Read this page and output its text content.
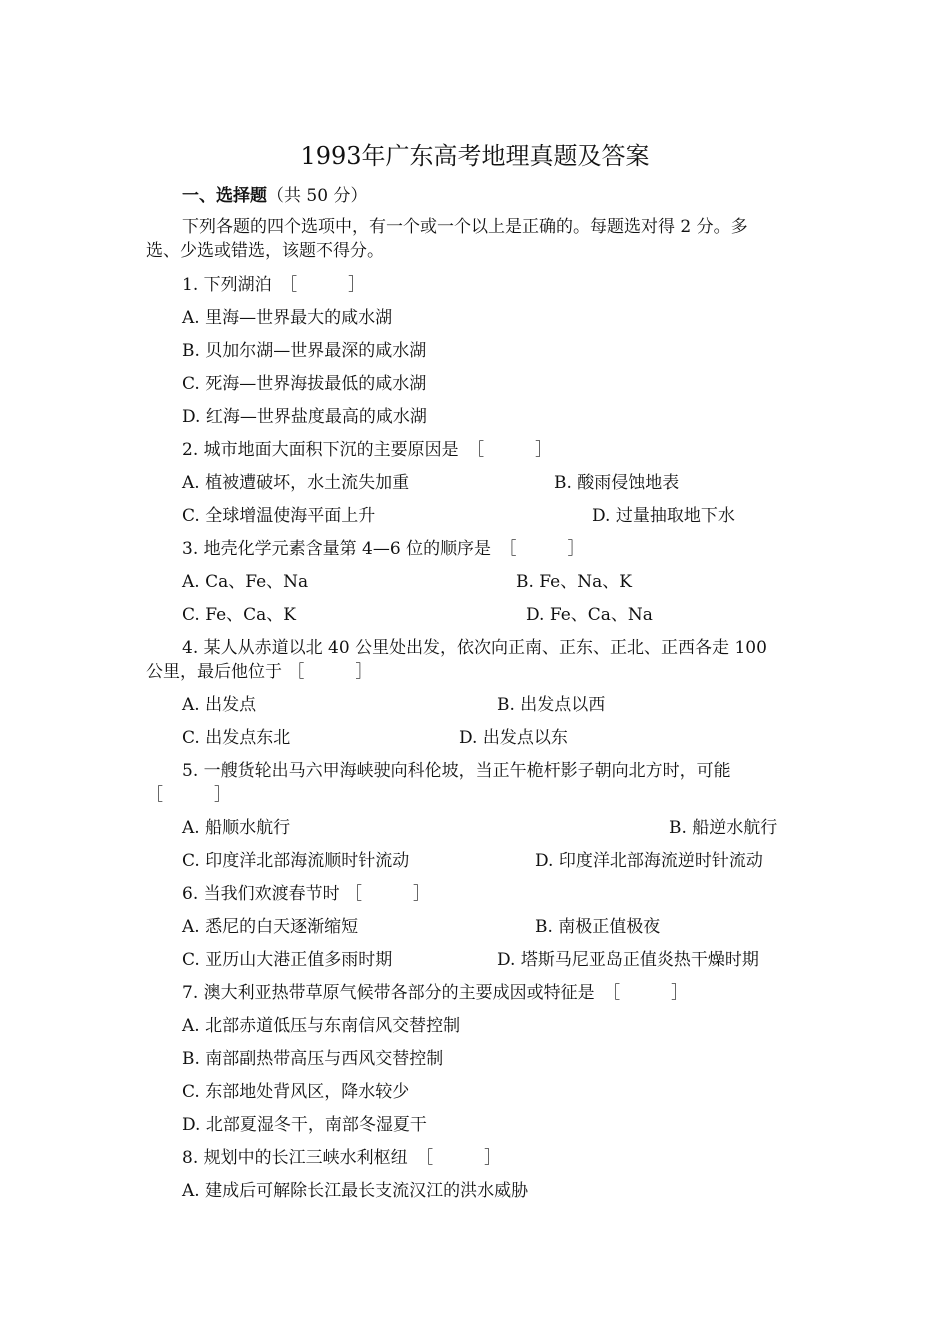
1993年广东高考地理真题及答案
一、选择题（共 50 分）
下列各题的四个选项中，有一个或一个以上是正确的。每题选对得 2 分。多
选、少选或错选，该题不得分。
1. 下列湖泊　［　　　］
A. 里海—世界最大的咸水湖
B. 贝加尔湖—世界最深的咸水湖
C. 死海—世界海拔最低的咸水湖
D. 红海—世界盐度最高的咸水湖
2. 城市地面大面积下沉的主要原因是　［　　　］
A. 植被遭破坏，水土流失加重	B. 酸雨侵蚀地表
C. 全球增温使海平面上升	D. 过量抽取地下水
3. 地壳化学元素含量第 4—6 位的顺序是　［　　　］
A. Ca、Fe、Na	B. Fe、Na、K
C. Fe、Ca、K	D. Fe、Ca、Na
4. 某人从赤道以北 40 公里处出发，依次向正南、正东、正北、正西各走 100
公里，最后他位于 ［　　　］
A. 出发点	B. 出发点以西
C. 出发点东北	D. 出发点以东
5. 一艘货轮出马六甲海峡驶向科伦坡，当正午桅杆影子朝向北方时，可能
［　　　］
A. 船顺水航行	B. 船逆水航行
C. 印度洋北部海流顺时针流动	D. 印度洋北部海流逆时针流动
6. 当我们欢渡春节时 ［　　　］
A. 悉尼的白天逐渐缩短	B. 南极正值极夜
C. 亚历山大港正值多雨时期	D. 塔斯马尼亚岛正值炎热干燥时期
7. 澳大利亚热带草原气候带各部分的主要成因或特征是　［　　　］
A. 北部赤道低压与东南信风交替控制
B. 南部副热带高压与西风交替控制
C. 东部地处背风区，降水较少
D. 北部夏湿冬干，南部冬湿夏干
8. 规划中的长江三峡水利枢纽　［　　　］
A. 建成后可解除长江最长支流汉江的洪水威胁
